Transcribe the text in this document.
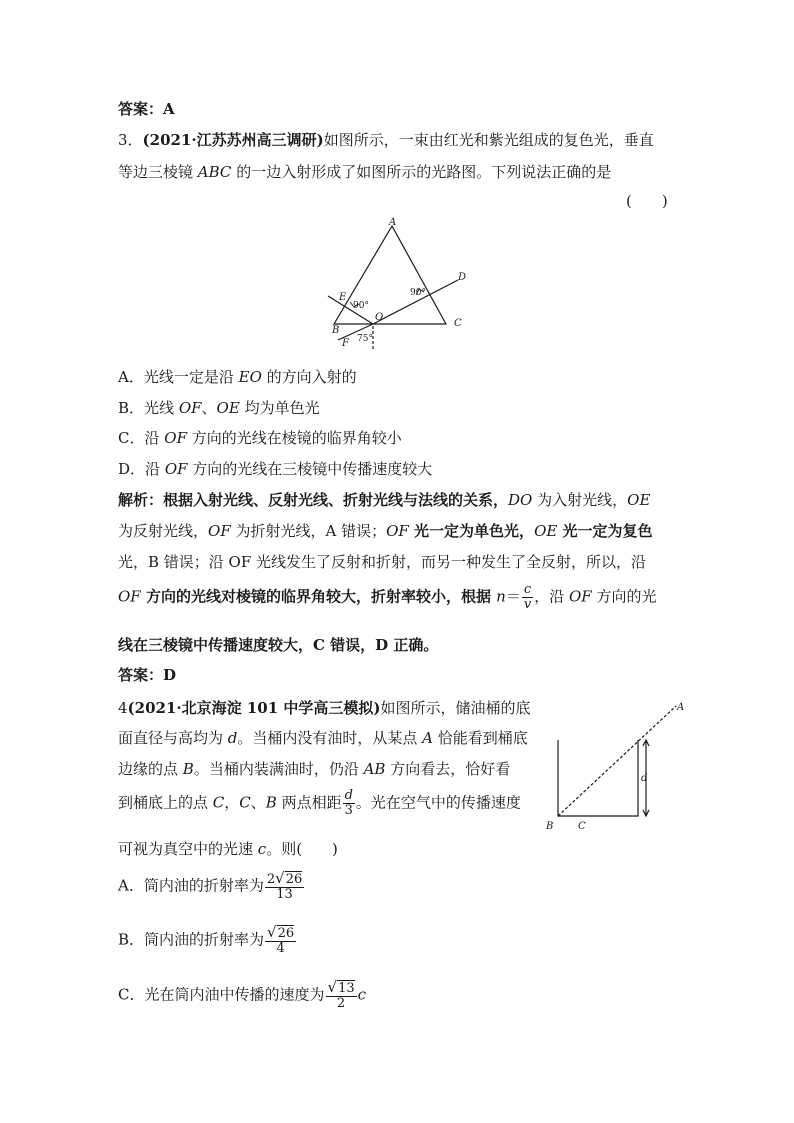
答案：A
3．(2021·江苏苏州高三调研)如图所示，一束由红光和紫光组成的复色光，垂直
等边三棱镜 ABC 的一边入射形成了如图所示的光路图。下列说法正确的是
(　　)
A
B
C
D
E
F
O
90°
90°
75°
A．光线一定是沿 EO 的方向入射的
B．光线 OF、OE 均为单色光
C．沿 OF 方向的光线在棱镜的临界角较小
D．沿 OF 方向的光线在三棱镜中传播速度较大
解析：根据入射光线、反射光线、折射光线与法线的关系，DO 为入射光线，OE
为反射光线，OF 为折射光线，A 错误；OF 光一定为单色光，OE 光一定为复色
光，B 错误；沿 OF 光线发生了反射和折射，而另一种发生了全反射，所以，沿
OF 方向的光线对棱镜的临界角较大，折射率较小，根据 $n= \frac{c}{v}$ ，沿 OF 方向的光
线在三棱镜中传播速度较大，C 错误，D 正确。
答案：D
4(2021·北京海淀 101 中学高三模拟)如图所示，储油桶的底
面直径与高均为 d。当桶内没有油时，从某点 A 恰能看到桶底
边缘的点 B。当桶内装满油时，仍沿 AB 方向看去，恰好看
到桶底上的点 C，C、B 两点相距 $\frac{d}{3}$ 。光在空气中的传播速度
可视为真空中的光速 c。则(　　)
A
B C
d
A．筒内油的折射率为 $\frac{2√26}{13}$
B．筒内油的折射率为 $\frac{√26}{4}$
C．光在筒内油中传播的速度为 $\frac{√13}{2}$ c
